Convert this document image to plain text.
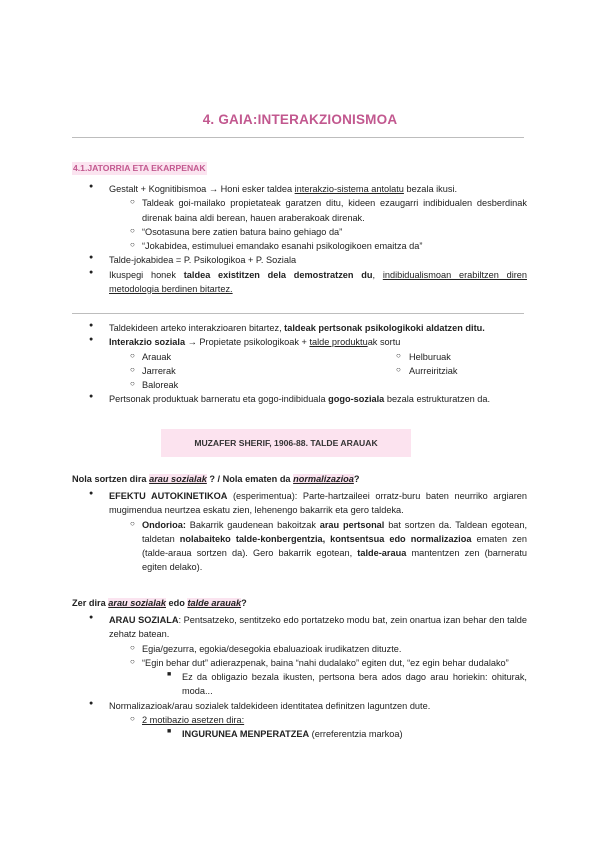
4. GAIA:INTERAKZIONISMOA
4.1.JATORRIA ETA EKARPENAK

● Gestalt + Kognitibismoa → Honi esker taldea interakzio-sistema antolatu bezala ikusi.

○ Taldeak goi-mailako propietateak garatzen ditu, kideen ezaugarri indibidualen desberdinak direnak baina aldi berean, hauen araberakoak direnak.

○ “Osotasuna bere zatien batura baino gehiago da”

○ “Jokabidea, estimuluei emandako esanahi psikologikoen emaitza da”

● Talde-jokabidea = P. Psikologikoa + P. Soziala

● Ikuspegi honek taldea existitzen dela demostratzen du, indibidualismoan erabiltzen diren metodologia berdinen bitartez.

● Taldekideen arteko interakzioaren bitartez, taldeak pertsonak psikologikoki aldatzen ditu.

● Interakzio soziala → Propietate psikologikoak + talde produktuak sortu

○ Arauak	○ Helburuak

○ Jarrerak	○ Aurreiritziak

○ Baloreak

● Pertsonak produktuak barneratu eta gogo-indibiduala gogo-soziala bezala estrukturatzen da.

MUZAFER SHERIF, 1906-88. TALDE ARAUAK
Nola sortzen dira arau sozialak ? / Nola ematen da normalizazioa?

● EFEKTU AUTOKINETIKOA (esperimentua): Parte-hartzaileei orratz-buru baten neurriko argiaren mugimendua neurtzea eskatu zien, lehenengo bakarrik eta gero taldeka.

○ Ondorioa: Bakarrik gaudenean bakoitzak arau pertsonal bat sortzen da. Taldean egotean, taldetan nolabaiteko talde-konbergentzia, kontsentsua edo normalizazioa ematen zen (talde-araua sortzen da). Gero bakarrik egotean, talde-araua mantentzen zen (barneratu egiten delako).

Zer dira arau sozialak edo talde arauak?

● ARAU SOZIALA: Pentsatzeko, sentitzeko edo portatzeko modu bat, zein onartua izan behar den talde zehatz batean.

○ Egia/gezurra, egokia/desegokia ebaluazioak irudikatzen dituzte.

○ “Egin behar dut” adierazpenak, baina “nahi dudalako” egiten dut, “ez egin behar dudalako”

■ Ez da obligazio bezala ikusten, pertsona bera ados dago arau horiekin: ohiturak, moda...

● Normalizazioak/arau sozialek taldekideen identitatea definitzen laguntzen dute.

○ 2 motibazio asetzen dira:

■ INGURUNEA MENPERATZEA (erreferentzia markoa)
